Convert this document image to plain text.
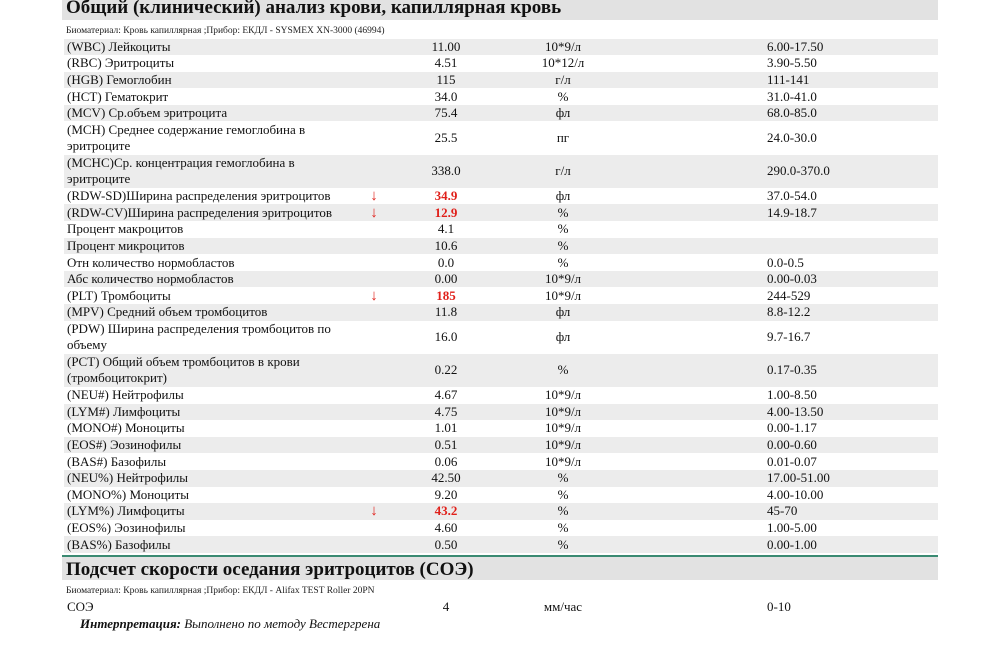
Общий (клинический) анализ крови, капиллярная кровь
Биоматериал: Кровь капиллярная ;Прибор: ЕКДЛ - SYSMEX XN-3000 (46994)
(WBC) Лейкоциты		11.00	10*9/л		6.00-17.50
(RBC) Эритроциты		4.51	10*12/л		3.90-5.50
(HGB) Гемоглобин		115	г/л		111-141
(HCT) Гематокрит		34.0	%		31.0-41.0
(MCV) Ср.объем эритроцита		75.4	фл		68.0-85.0
(MCH) Среднее содержание гемоглобина в эритроците		25.5	пг		24.0-30.0
(MCHC)Ср. концентрация гемоглобина в эритроците		338.0	г/л		290.0-370.0
(RDW-SD)Ширина распределения эритроцитов	↓	34.9	фл		37.0-54.0
(RDW-CV)Ширина распределения эритроцитов	↓	12.9	%		14.9-18.7
Процент макроцитов		4.1	%		
Процент микроцитов		10.6	%		
Отн количество нормобластов		0.0	%		0.0-0.5
Абс количество нормобластов		0.00	10*9/л		0.00-0.03
(PLT) Тромбоциты	↓	185	10*9/л		244-529
(MPV) Средний объем тромбоцитов		11.8	фл		8.8-12.2
(PDW) Ширина распределения тромбоцитов по объему		16.0	фл		9.7-16.7
(PCT) Общий объем тромбоцитов в крови (тромбоцитокрит)		0.22	%		0.17-0.35
(NEU#) Нейтрофилы		4.67	10*9/л		1.00-8.50
(LYM#) Лимфоциты		4.75	10*9/л		4.00-13.50
(MONO#) Моноциты		1.01	10*9/л		0.00-1.17
(EOS#) Эозинофилы		0.51	10*9/л		0.00-0.60
(BAS#) Базофилы		0.06	10*9/л		0.01-0.07
(NEU%) Нейтрофилы		42.50	%		17.00-51.00
(MONO%) Моноциты		9.20	%		4.00-10.00
(LYM%) Лимфоциты	↓	43.2	%		45-70
(EOS%) Эозинофилы		4.60	%		1.00-5.00
(BAS%) Базофилы		0.50	%		0.00-1.00
Подсчет скорости оседания эритроцитов (СОЭ)
Биоматериал: Кровь капиллярная ;Прибор: ЕКДЛ - Alifax TEST Roller 20PN
СОЭ		4	мм/час		0-10
Интерпретация: Выполнено по методу Вестергрена
